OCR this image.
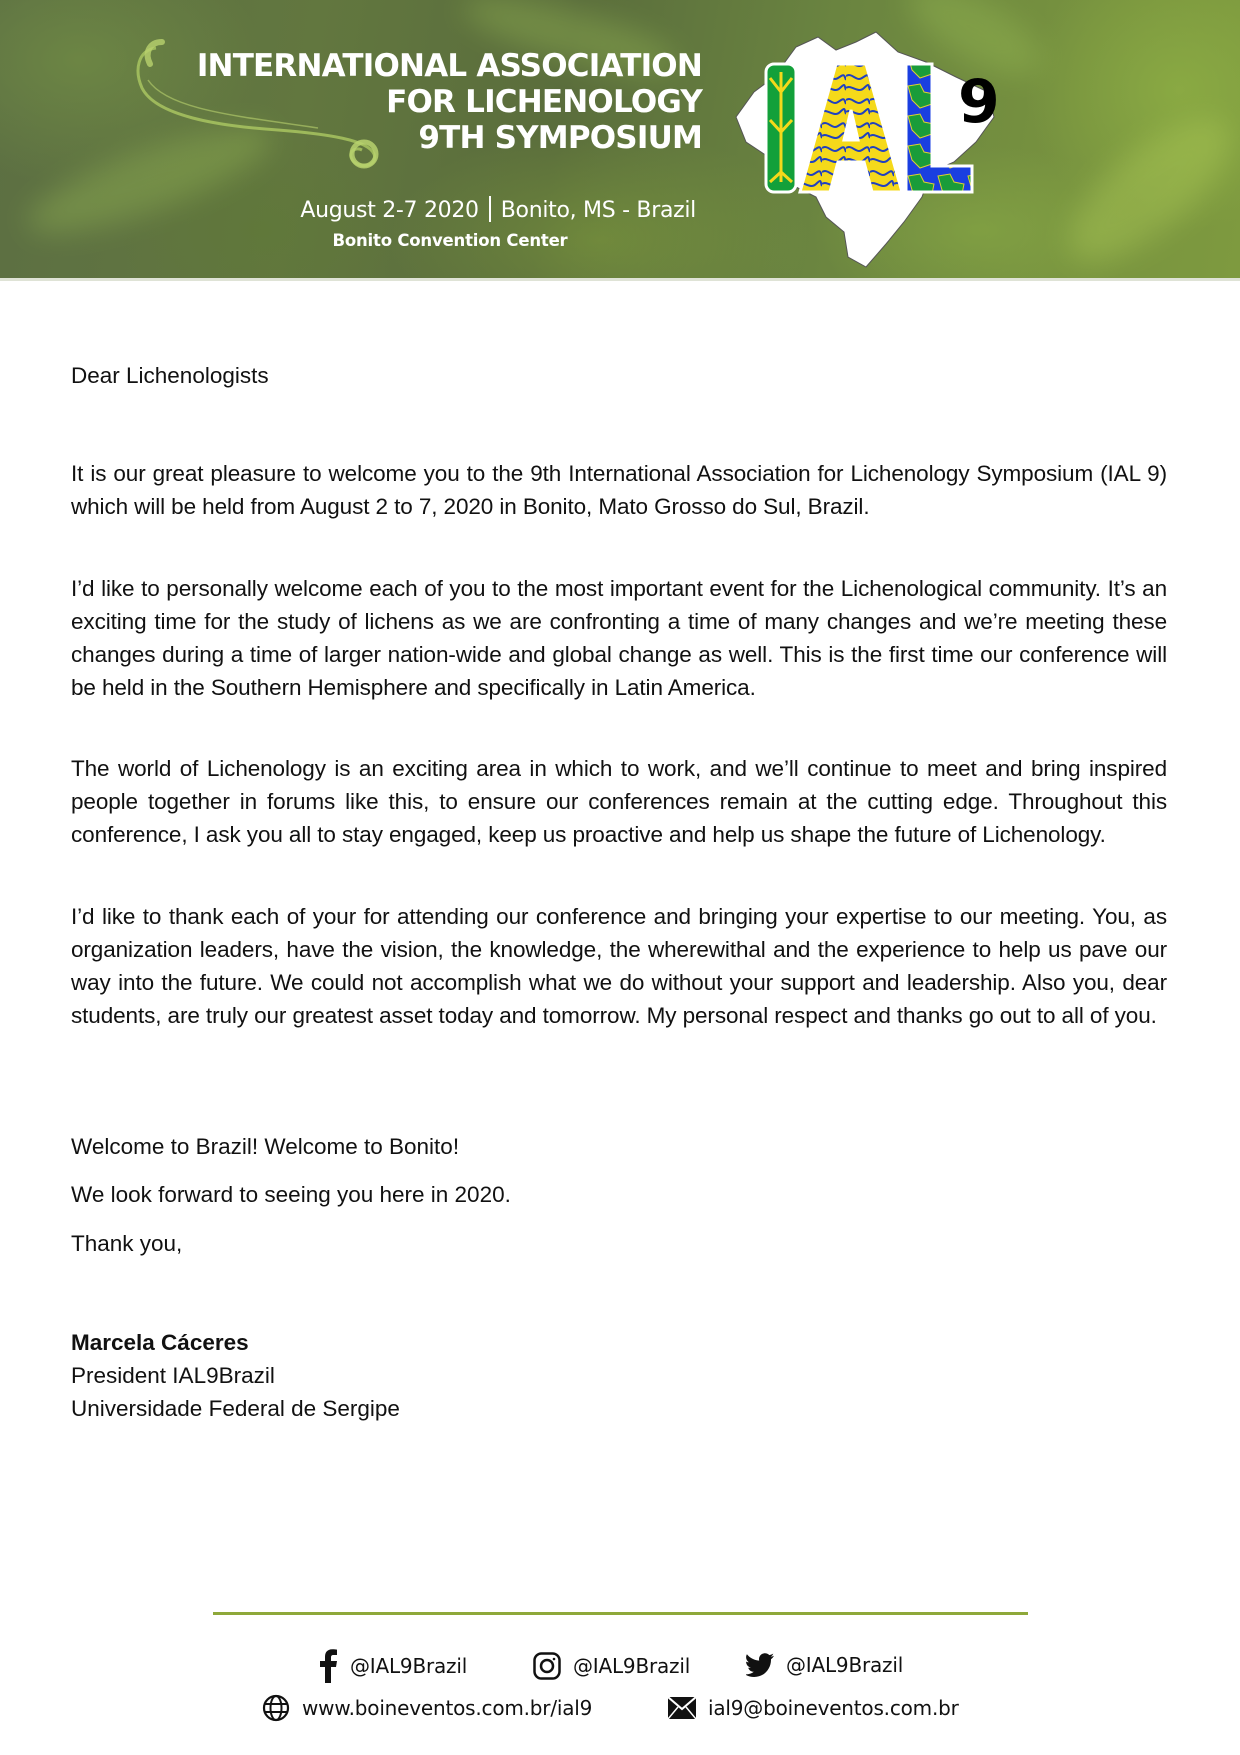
INTERNATIONAL ASSOCIATION
FOR LICHENOLOGY
9TH SYMPOSIUM
August 2-7 2020 Bonito, MS - Brazil
Bonito Convention Center
9
Dear Lichenologists

It is our great pleasure to welcome you to the 9th International Association for Lichenology Symposium (IAL 9) which will be held from August 2 to 7, 2020 in Bonito, Mato Grosso do Sul, Brazil.

I’d like to personally welcome each of you to the most important event for the Lichenological community. It’s an exciting time for the study of lichens as we are confronting a time of many changes and we’re meeting these changes during a time of larger nation-wide and global change as well. This is the first time our conference will be held in the Southern Hemisphere and specifically in Latin America.

The world of Lichenology is an exciting area in which to work, and we’ll continue to meet and bring inspired people together in forums like this, to ensure our conferences remain at the cutting edge. Throughout this conference, I ask you all to stay engaged, keep us proactive and help us shape the future of Lichenology.

I’d like to thank each of your for attending our conference and bringing your expertise to our meeting. You, as organization leaders, have the vision, the knowledge, the wherewithal and the experience to help us pave our way into the future. We could not accomplish what we do without your support and leadership. Also you, dear students, are truly our greatest asset today and tomorrow. My personal respect and thanks go out to all of you.

Welcome to Brazil! Welcome to Bonito!
We look forward to seeing you here in 2020.
Thank you,
Marcela Cáceres
President IAL9Brazil
Universidade Federal de Sergipe
@IAL9Brazil	@IAL9Brazil	@IAL9Brazil
www.boineventos.com.br/ial9	ial9@boineventos.com.br
